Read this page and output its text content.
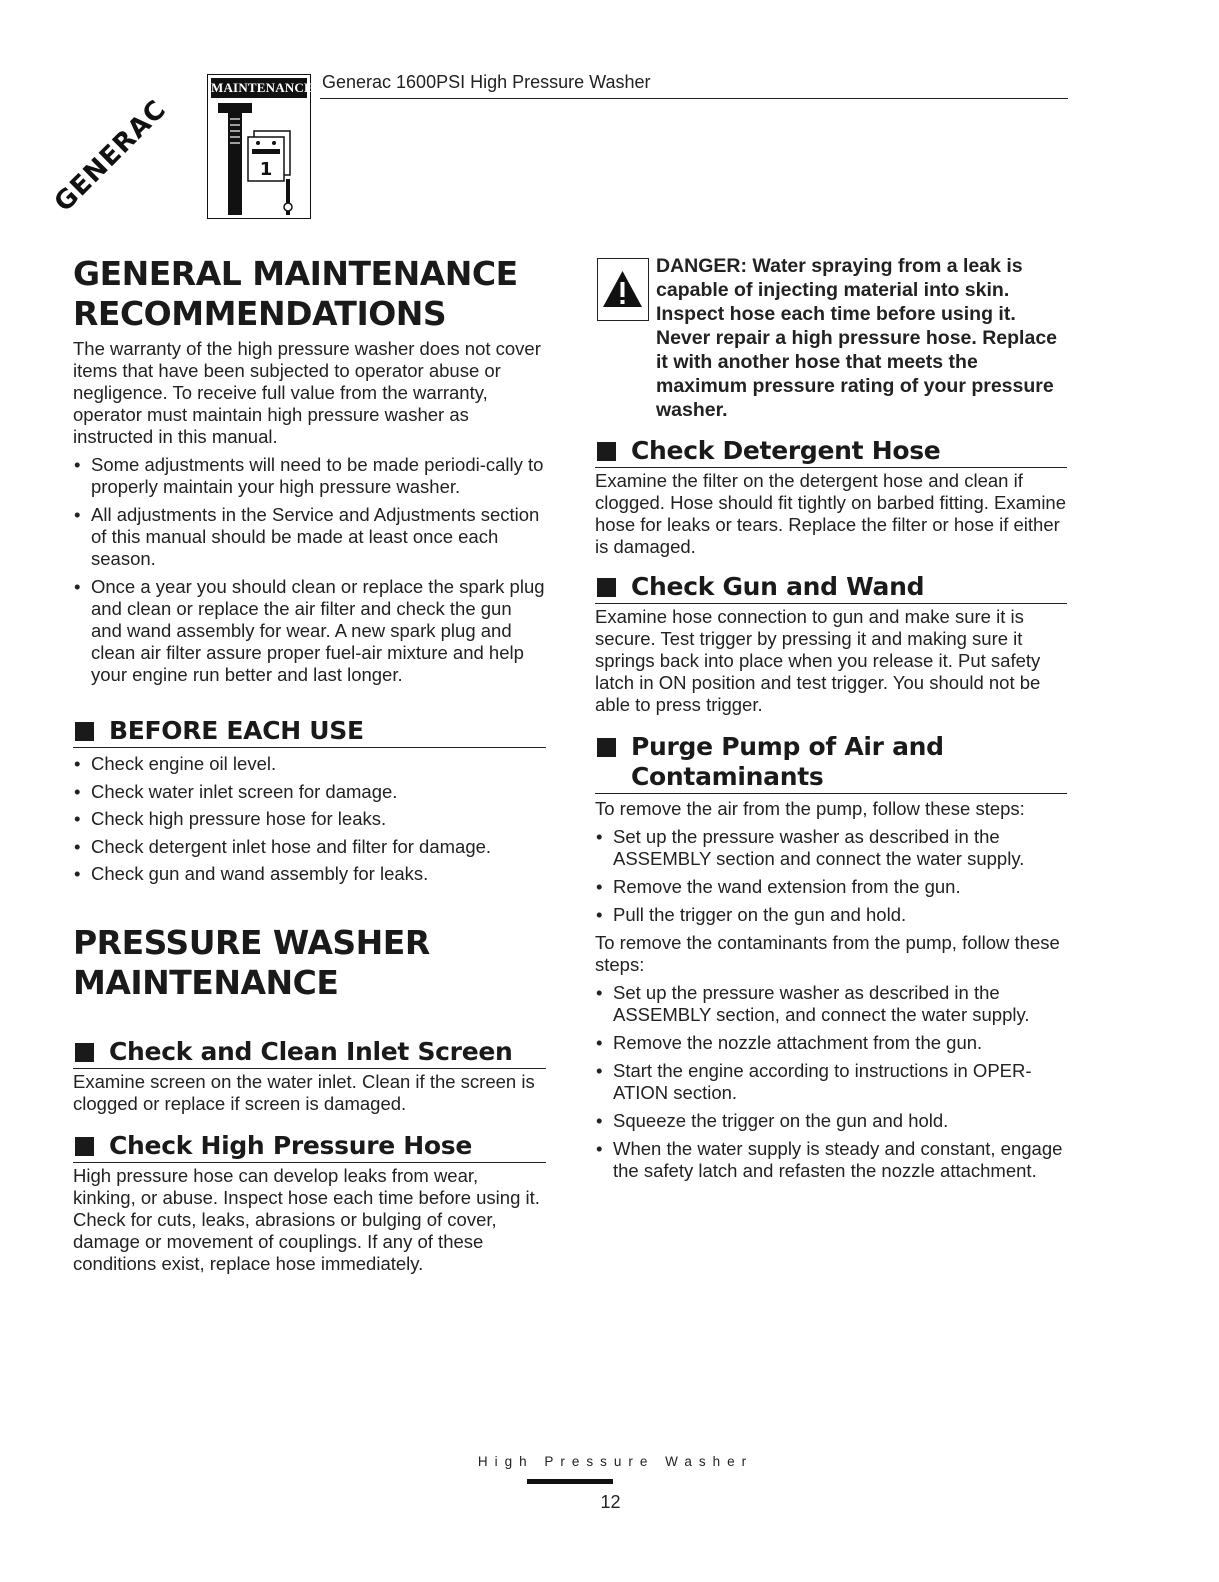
GENERAC
MAINTENANCE
1
Generac 1600PSI High Pressure Washer
GENERAL MAINTENANCE
RECOMMENDATIONS

The warranty of the high pressure washer does not cover items that have been subjected to operator abuse or negligence. To receive full value from the warranty, operator must maintain high pressure washer as instructed in this manual.

• Some adjustments will need to be made periodi-cally to properly maintain your high pressure washer.
• All adjustments in the Service and Adjustments section of this manual should be made at least once each season.
• Once a year you should clean or replace the spark plug and clean or replace the air filter and check the gun and wand assembly for wear. A new spark plug and clean air filter assure proper fuel-air mixture and help your engine run better and last longer.
BEFORE EACH USE
• Check engine oil level.
• Check water inlet screen for damage.
• Check high pressure hose for leaks.
• Check detergent inlet hose and filter for damage.
• Check gun and wand assembly for leaks.
PRESSURE WASHER
MAINTENANCE
Check and Clean Inlet Screen

Examine screen on the water inlet. Clean if the screen is clogged or replace if screen is damaged.

Check High Pressure Hose

High pressure hose can develop leaks from wear, kinking, or abuse. Inspect hose each time before using it. Check for cuts, leaks, abrasions or bulging of cover, damage or movement of couplings. If any of these conditions exist, replace hose immediately.

DANGER: Water spraying from a leak is capable of injecting material into skin. Inspect hose each time before using it. Never repair a high pressure hose. Replace it with another hose that meets the maximum pressure rating of your pressure washer.

Check Detergent Hose

Examine the filter on the detergent hose and clean if clogged. Hose should fit tightly on barbed fitting. Examine hose for leaks or tears. Replace the filter or hose if either is damaged.

Check Gun and Wand

Examine hose connection to gun and make sure it is secure. Test trigger by pressing it and making sure it springs back into place when you release it. Put safety latch in ON position and test trigger. You should not be able to press trigger.

Purge Pump of Air and
Contaminants

To remove the air from the pump, follow these steps:

• Set up the pressure washer as described in the ASSEMBLY section and connect the water supply.
• Remove the wand extension from the gun.
• Pull the trigger on the gun and hold.

To remove the contaminants from the pump, follow these steps:

• Set up the pressure washer as described in the ASSEMBLY section, and connect the water supply.
• Remove the nozzle attachment from the gun.
• Start the engine according to instructions in OPER-ATION section.
• Squeeze the trigger on the gun and hold.
• When the water supply is steady and constant, engage the safety latch and refasten the nozzle attachment.
High Pressure Washer
12
